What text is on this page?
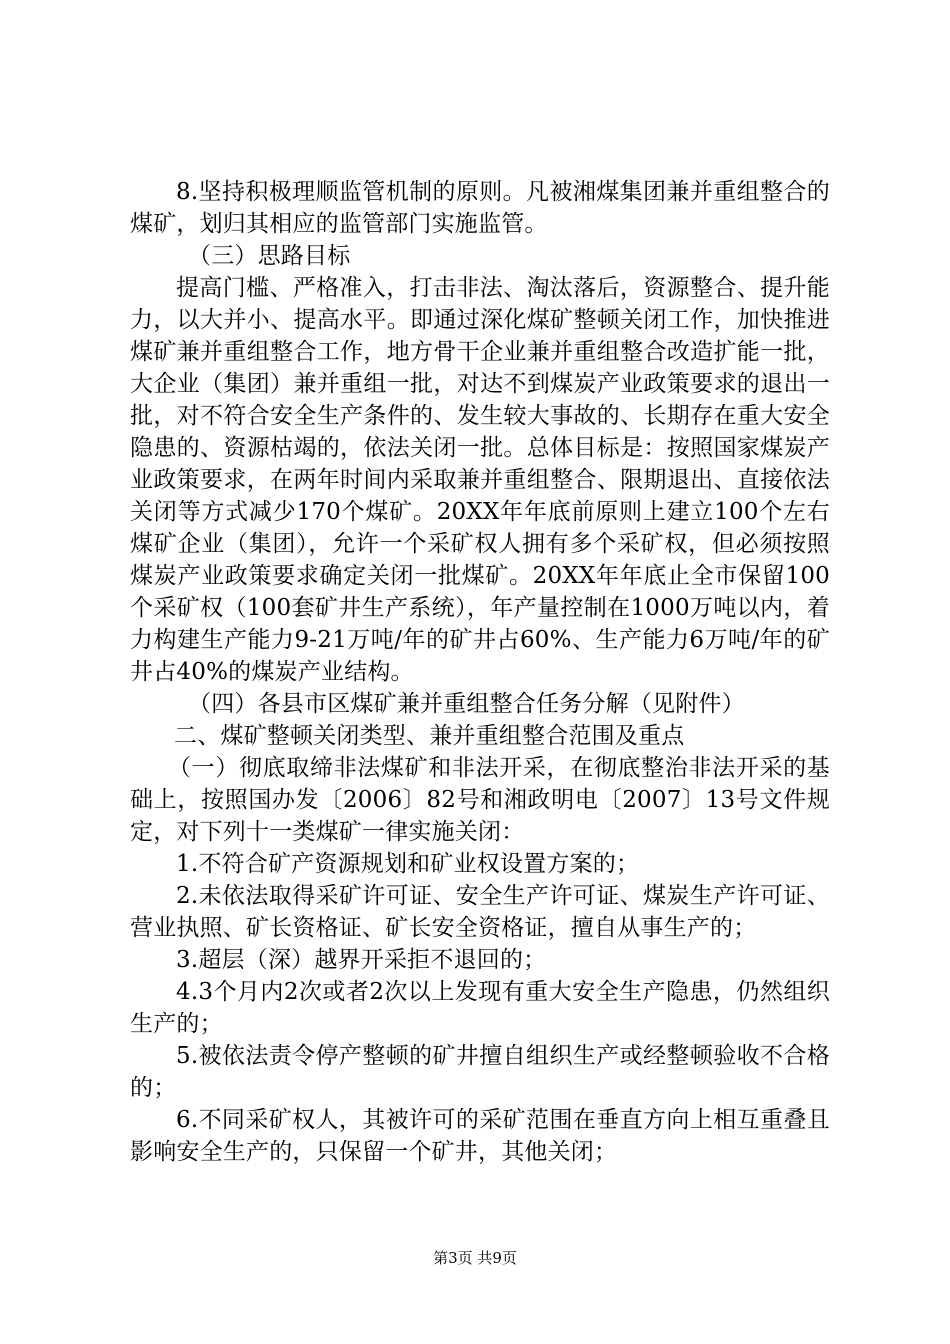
8.坚持积极理顺监管机制的原则。凡被湘煤集团兼并重组整合的煤矿，划归其相应的监管部门实施监管。

（三）思路目标

提高门槛、严格准入，打击非法、淘汰落后，资源整合、提升能力，以大并小、提高水平。即通过深化煤矿整顿关闭工作，加快推进煤矿兼并重组整合工作，地方骨干企业兼并重组整合改造扩能一批，大企业（集团）兼并重组一批，对达不到煤炭产业政策要求的退出一批，对不符合安全生产条件的、发生较大事故的、长期存在重大安全隐患的、资源枯竭的，依法关闭一批。总体目标是：按照国家煤炭产业政策要求，在两年时间内采取兼并重组整合、限期退出、直接依法关闭等方式减少170个煤矿。20XX年年底前原则上建立100个左右煤矿企业（集团），允许一个采矿权人拥有多个采矿权，但必须按照煤炭产业政策要求确定关闭一批煤矿。20XX年年底止全市保留100个采矿权（100套矿井生产系统），年产量控制在1000万吨以内，着力构建生产能力9-21万吨/年的矿井占60%、生产能力6万吨/年的矿井占40%的煤炭产业结构。

（四）各县市区煤矿兼并重组整合任务分解（见附件）

二、煤矿整顿关闭类型、兼并重组整合范围及重点

（一）彻底取缔非法煤矿和非法开采，在彻底整治非法开采的基础上，按照国办发〔2006〕82号和湘政明电〔2007〕13号文件规定，对下列十一类煤矿一律实施关闭：

1.不符合矿产资源规划和矿业权设置方案的；

2.未依法取得采矿许可证、安全生产许可证、煤炭生产许可证、营业执照、矿长资格证、矿长安全资格证，擅自从事生产的；

3.超层（深）越界开采拒不退回的；

4.3个月内2次或者2次以上发现有重大安全生产隐患，仍然组织生产的；

5.被依法责令停产整顿的矿井擅自组织生产或经整顿验收不合格的；

6.不同采矿权人，其被许可的采矿范围在垂直方向上相互重叠且影响安全生产的，只保留一个矿井，其他关闭；

第3页 共9页
